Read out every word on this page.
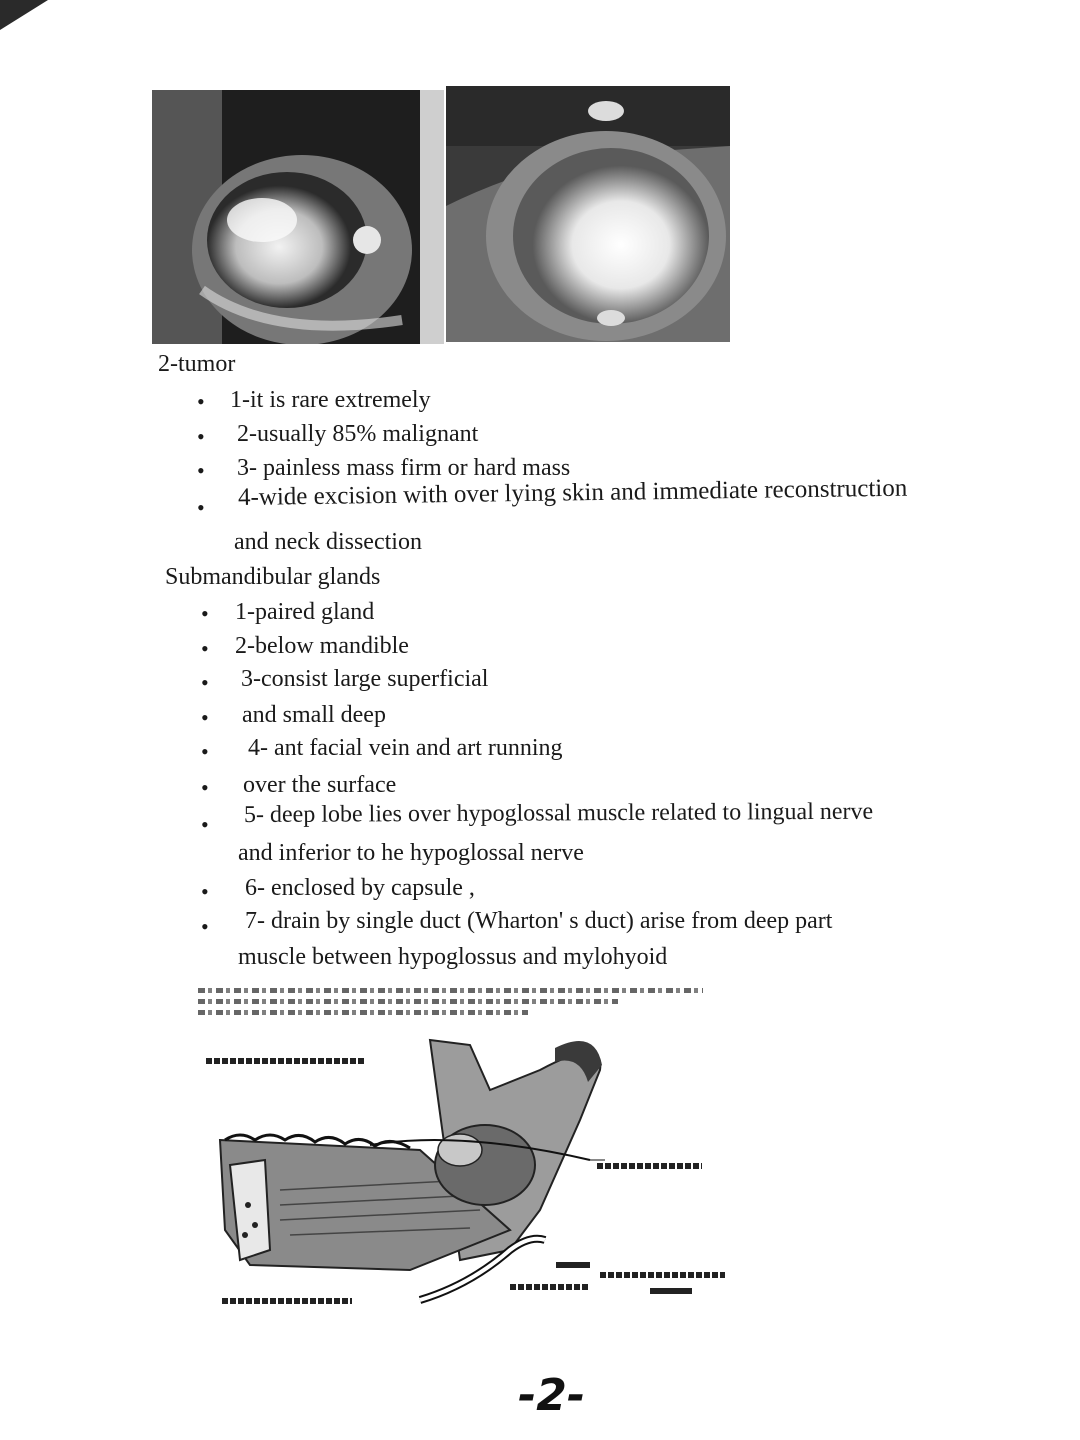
2-tumor
• 1-it is rare extremely
• 2-usually 85% malignant
• 3- painless mass firm or hard mass
• 4-wide excision with over lying skin and immediate reconstruction
and neck dissection
Submandibular glands
• 1-paired gland
• 2-below mandible
• 3-consist large superficial
• and small deep
• 4- ant facial vein and art running
• over the surface
• 5- deep lobe lies over hypoglossal muscle related to lingual nerve
and inferior to he hypoglossal nerve
• 6- enclosed by capsule ,
• 7- drain by single duct (Wharton' s duct) arise from deep part
muscle between hypoglossus and mylohyoid
-2-
